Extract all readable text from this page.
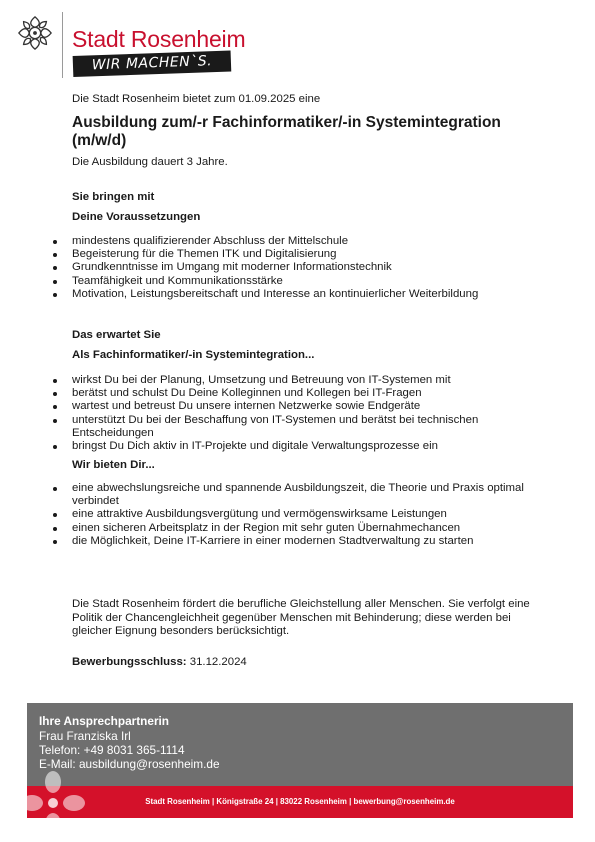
Stadt Rosenheim

WIR MACHEN`S.

Die Stadt Rosenheim bietet zum 01.09.2025 eine

Ausbildung zum/-r Fachinformatiker/-in Systemintegration (m/w/d)

Die Ausbildung dauert 3 Jahre.

Sie bringen mit

Deine Voraussetzungen

mindestens qualifizierender Abschluss der Mittelschule
Begeisterung für die Themen ITK und Digitalisierung
Grundkenntnisse im Umgang mit moderner Informationstechnik
Teamfähigkeit und Kommunikationsstärke
Motivation, Leistungsbereitschaft und Interesse an kontinuierlicher Weiterbildung

Das erwartet Sie

Als Fachinformatiker/-in Systemintegration...

wirkst Du bei der Planung, Umsetzung und Betreuung von IT-Systemen mit
berätst und schulst Du Deine Kolleginnen und Kollegen bei IT-Fragen
wartest und betreust Du unsere internen Netzwerke sowie Endgeräte
unterstützt Du bei der Beschaffung von IT-Systemen und berätst bei technischen Entscheidungen
bringst Du Dich aktiv in IT-Projekte und digitale Verwaltungsprozesse ein

Wir bieten Dir...

eine abwechslungsreiche und spannende Ausbildungszeit, die Theorie und Praxis optimal verbindet
eine attraktive Ausbildungsvergütung und vermögenswirksame Leistungen
einen sicheren Arbeitsplatz in der Region mit sehr guten Übernahmechancen
die Möglichkeit, Deine IT-Karriere in einer modernen Stadtverwaltung zu starten

Die Stadt Rosenheim fördert die berufliche Gleichstellung aller Menschen. Sie verfolgt eine Politik der Chancengleichheit gegenüber Menschen mit Behinderung; diese werden bei gleicher Eignung besonders berücksichtigt.

Bewerbungsschluss: 31.12.2024

Ihre Ansprechpartnerin

Frau Franziska Irl

Telefon: +49 8031 365-1114

E-Mail: ausbildung@rosenheim.de

Stadt Rosenheim | Königstraße 24 | 83022 Rosenheim | bewerbung@rosenheim.de
